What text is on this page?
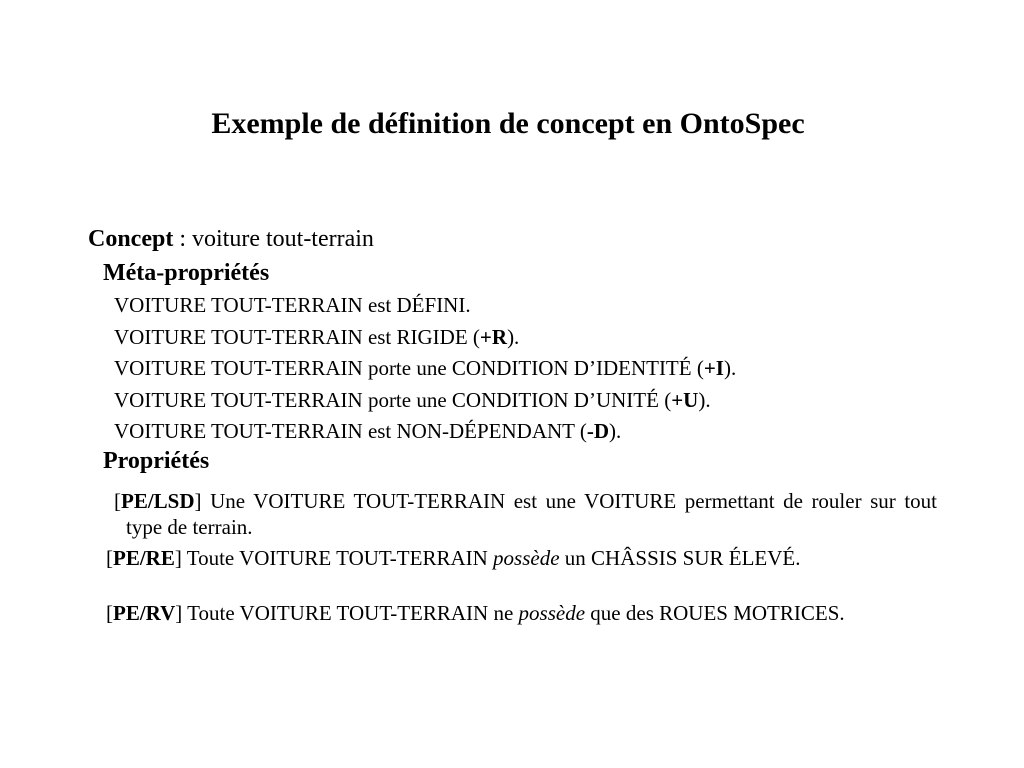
Exemple de définition de concept en OntoSpec
Concept : voiture tout-terrain
Méta-propriétés
VOITURE TOUT-TERRAIN est DÉFINI.
VOITURE TOUT-TERRAIN est RIGIDE (+R).
VOITURE TOUT-TERRAIN porte une CONDITION D’IDENTITÉ (+I).
VOITURE TOUT-TERRAIN porte une CONDITION D’UNITÉ (+U).
VOITURE TOUT-TERRAIN est NON-DÉPENDANT (-D).
Propriétés
[PE/LSD] Une VOITURE TOUT-TERRAIN est une VOITURE permettant de rouler sur tout type de terrain.
[PE/RE] Toute VOITURE TOUT-TERRAIN possède un CHÂSSIS SUR ÉLEVÉ.
[PE/RV] Toute VOITURE TOUT-TERRAIN ne possède que des ROUES MOTRICES.
